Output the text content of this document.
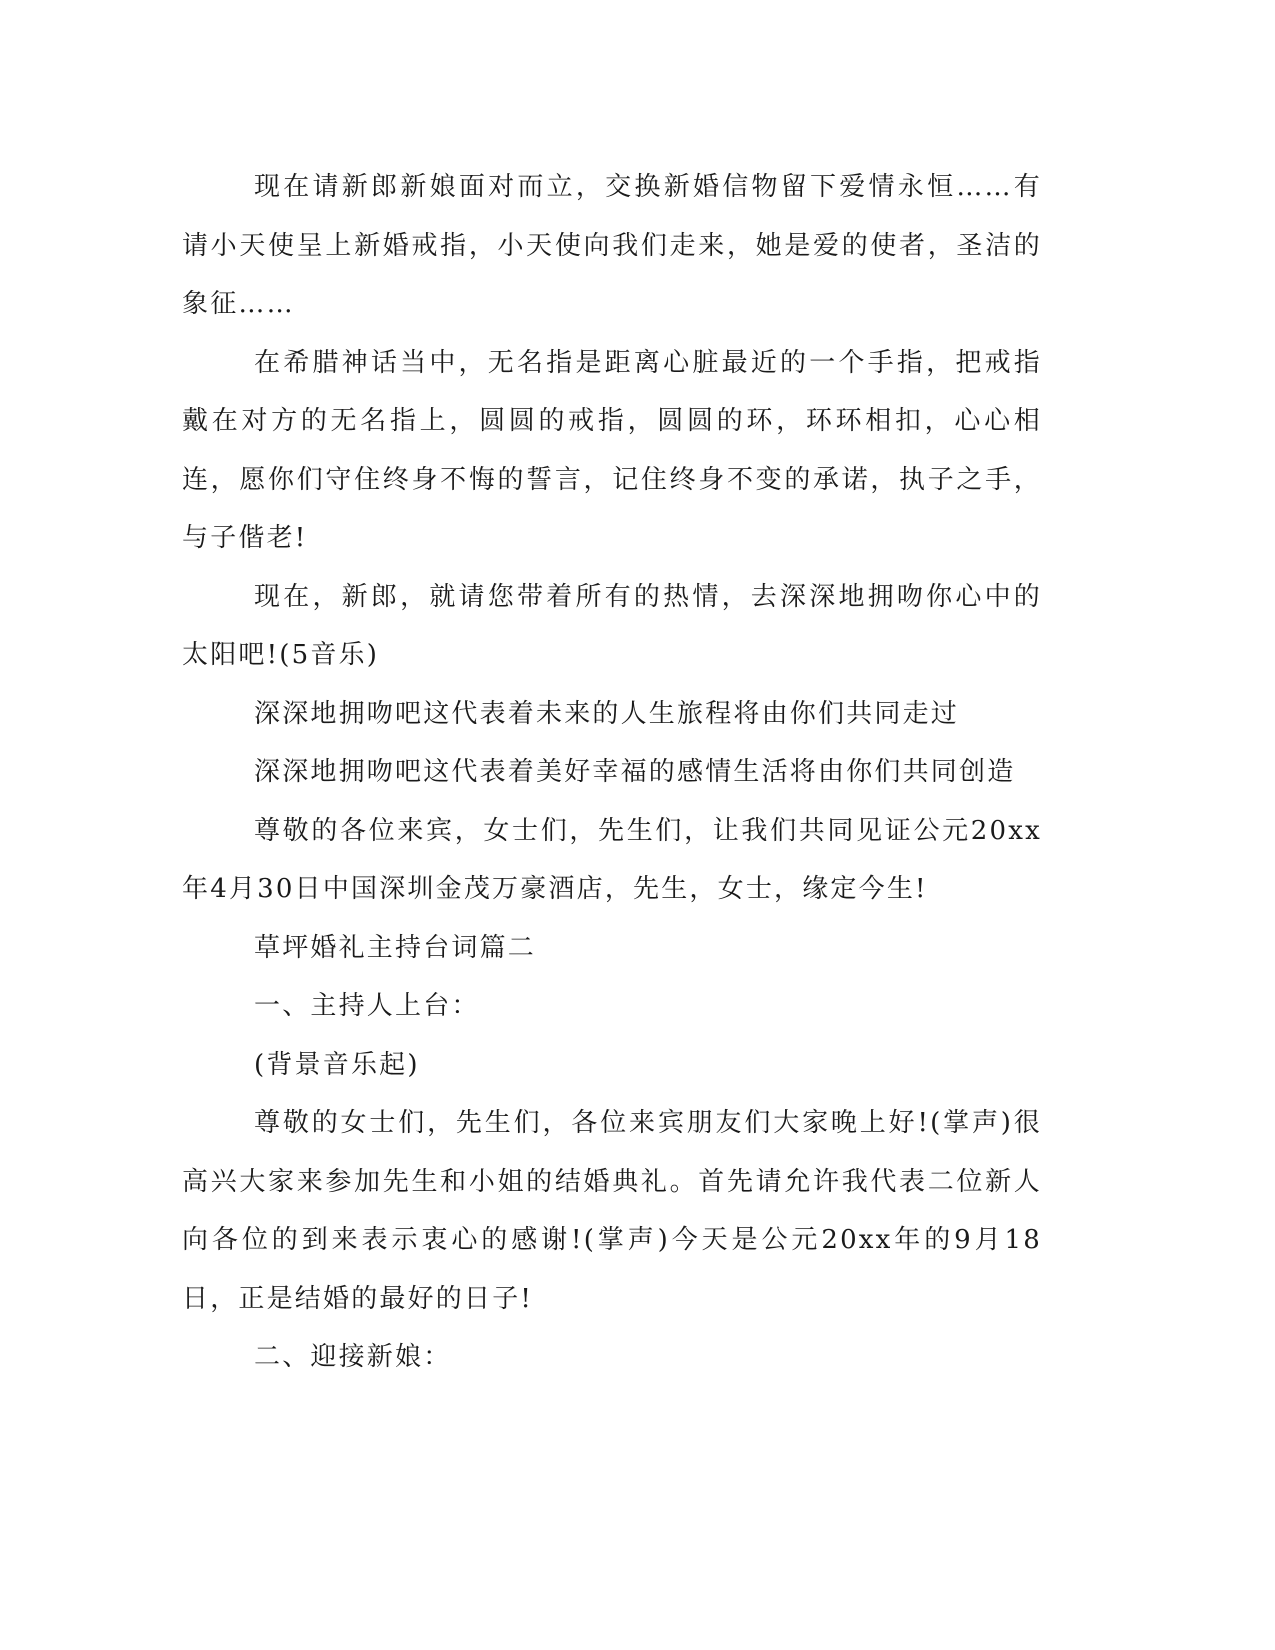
现在请新郎新娘面对而立，交换新婚信物留下爱情永恒……有请小天使呈上新婚戒指，小天使向我们走来，她是爱的使者，圣洁的象征……

在希腊神话当中，无名指是距离心脏最近的一个手指，把戒指戴在对方的无名指上，圆圆的戒指，圆圆的环，环环相扣，心心相连，愿你们守住终身不悔的誓言，记住终身不变的承诺，执子之手，与子偕老!

现在，新郎，就请您带着所有的热情，去深深地拥吻你心中的太阳吧!(5音乐)

深深地拥吻吧这代表着未来的人生旅程将由你们共同走过

深深地拥吻吧这代表着美好幸福的感情生活将由你们共同创造

尊敬的各位来宾，女士们，先生们，让我们共同见证公元20xx年4月30日中国深圳金茂万豪酒店，先生，女士，缘定今生!

草坪婚礼主持台词篇二

一、主持人上台：

(背景音乐起)

尊敬的女士们，先生们，各位来宾朋友们大家晚上好!(掌声)很高兴大家来参加先生和小姐的结婚典礼。首先请允许我代表二位新人向各位的到来表示衷心的感谢!(掌声)今天是公元20xx年的9月18日，正是结婚的最好的日子!

二、迎接新娘：
